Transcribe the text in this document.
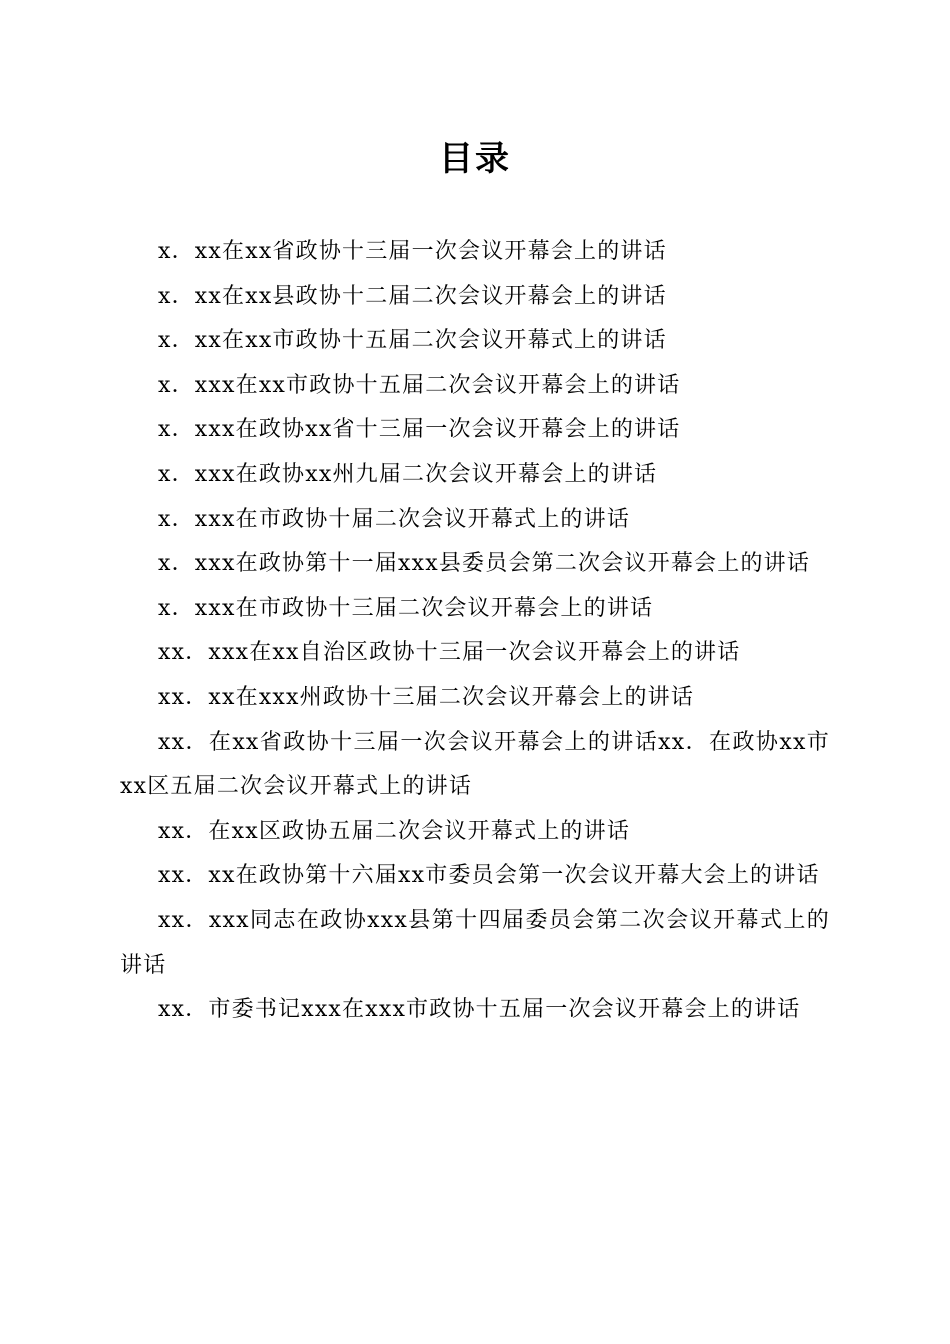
目录
x．xx在xx省政协十三届一次会议开幕会上的讲话
x．xx在xx县政协十二届二次会议开幕会上的讲话
x．xx在xx市政协十五届二次会议开幕式上的讲话
x．xxx在xx市政协十五届二次会议开幕会上的讲话
x．xxx在政协xx省十三届一次会议开幕会上的讲话
x．xxx在政协xx州九届二次会议开幕会上的讲话
x．xxx在市政协十届二次会议开幕式上的讲话
x．xxx在政协第十一届xxx县委员会第二次会议开幕会上的讲话
x．xxx在市政协十三届二次会议开幕会上的讲话
xx．xxx在xx自治区政协十三届一次会议开幕会上的讲话
xx．xx在xxx州政协十三届二次会议开幕会上的讲话
xx．在xx省政协十三届一次会议开幕会上的讲话xx．在政协xx市xx区五届二次会议开幕式上的讲话
xx．在xx区政协五届二次会议开幕式上的讲话
xx．xx在政协第十六届xx市委员会第一次会议开幕大会上的讲话
xx．xxx同志在政协xxx县第十四届委员会第二次会议开幕式上的讲话
xx．市委书记xxx在xxx市政协十五届一次会议开幕会上的讲话
